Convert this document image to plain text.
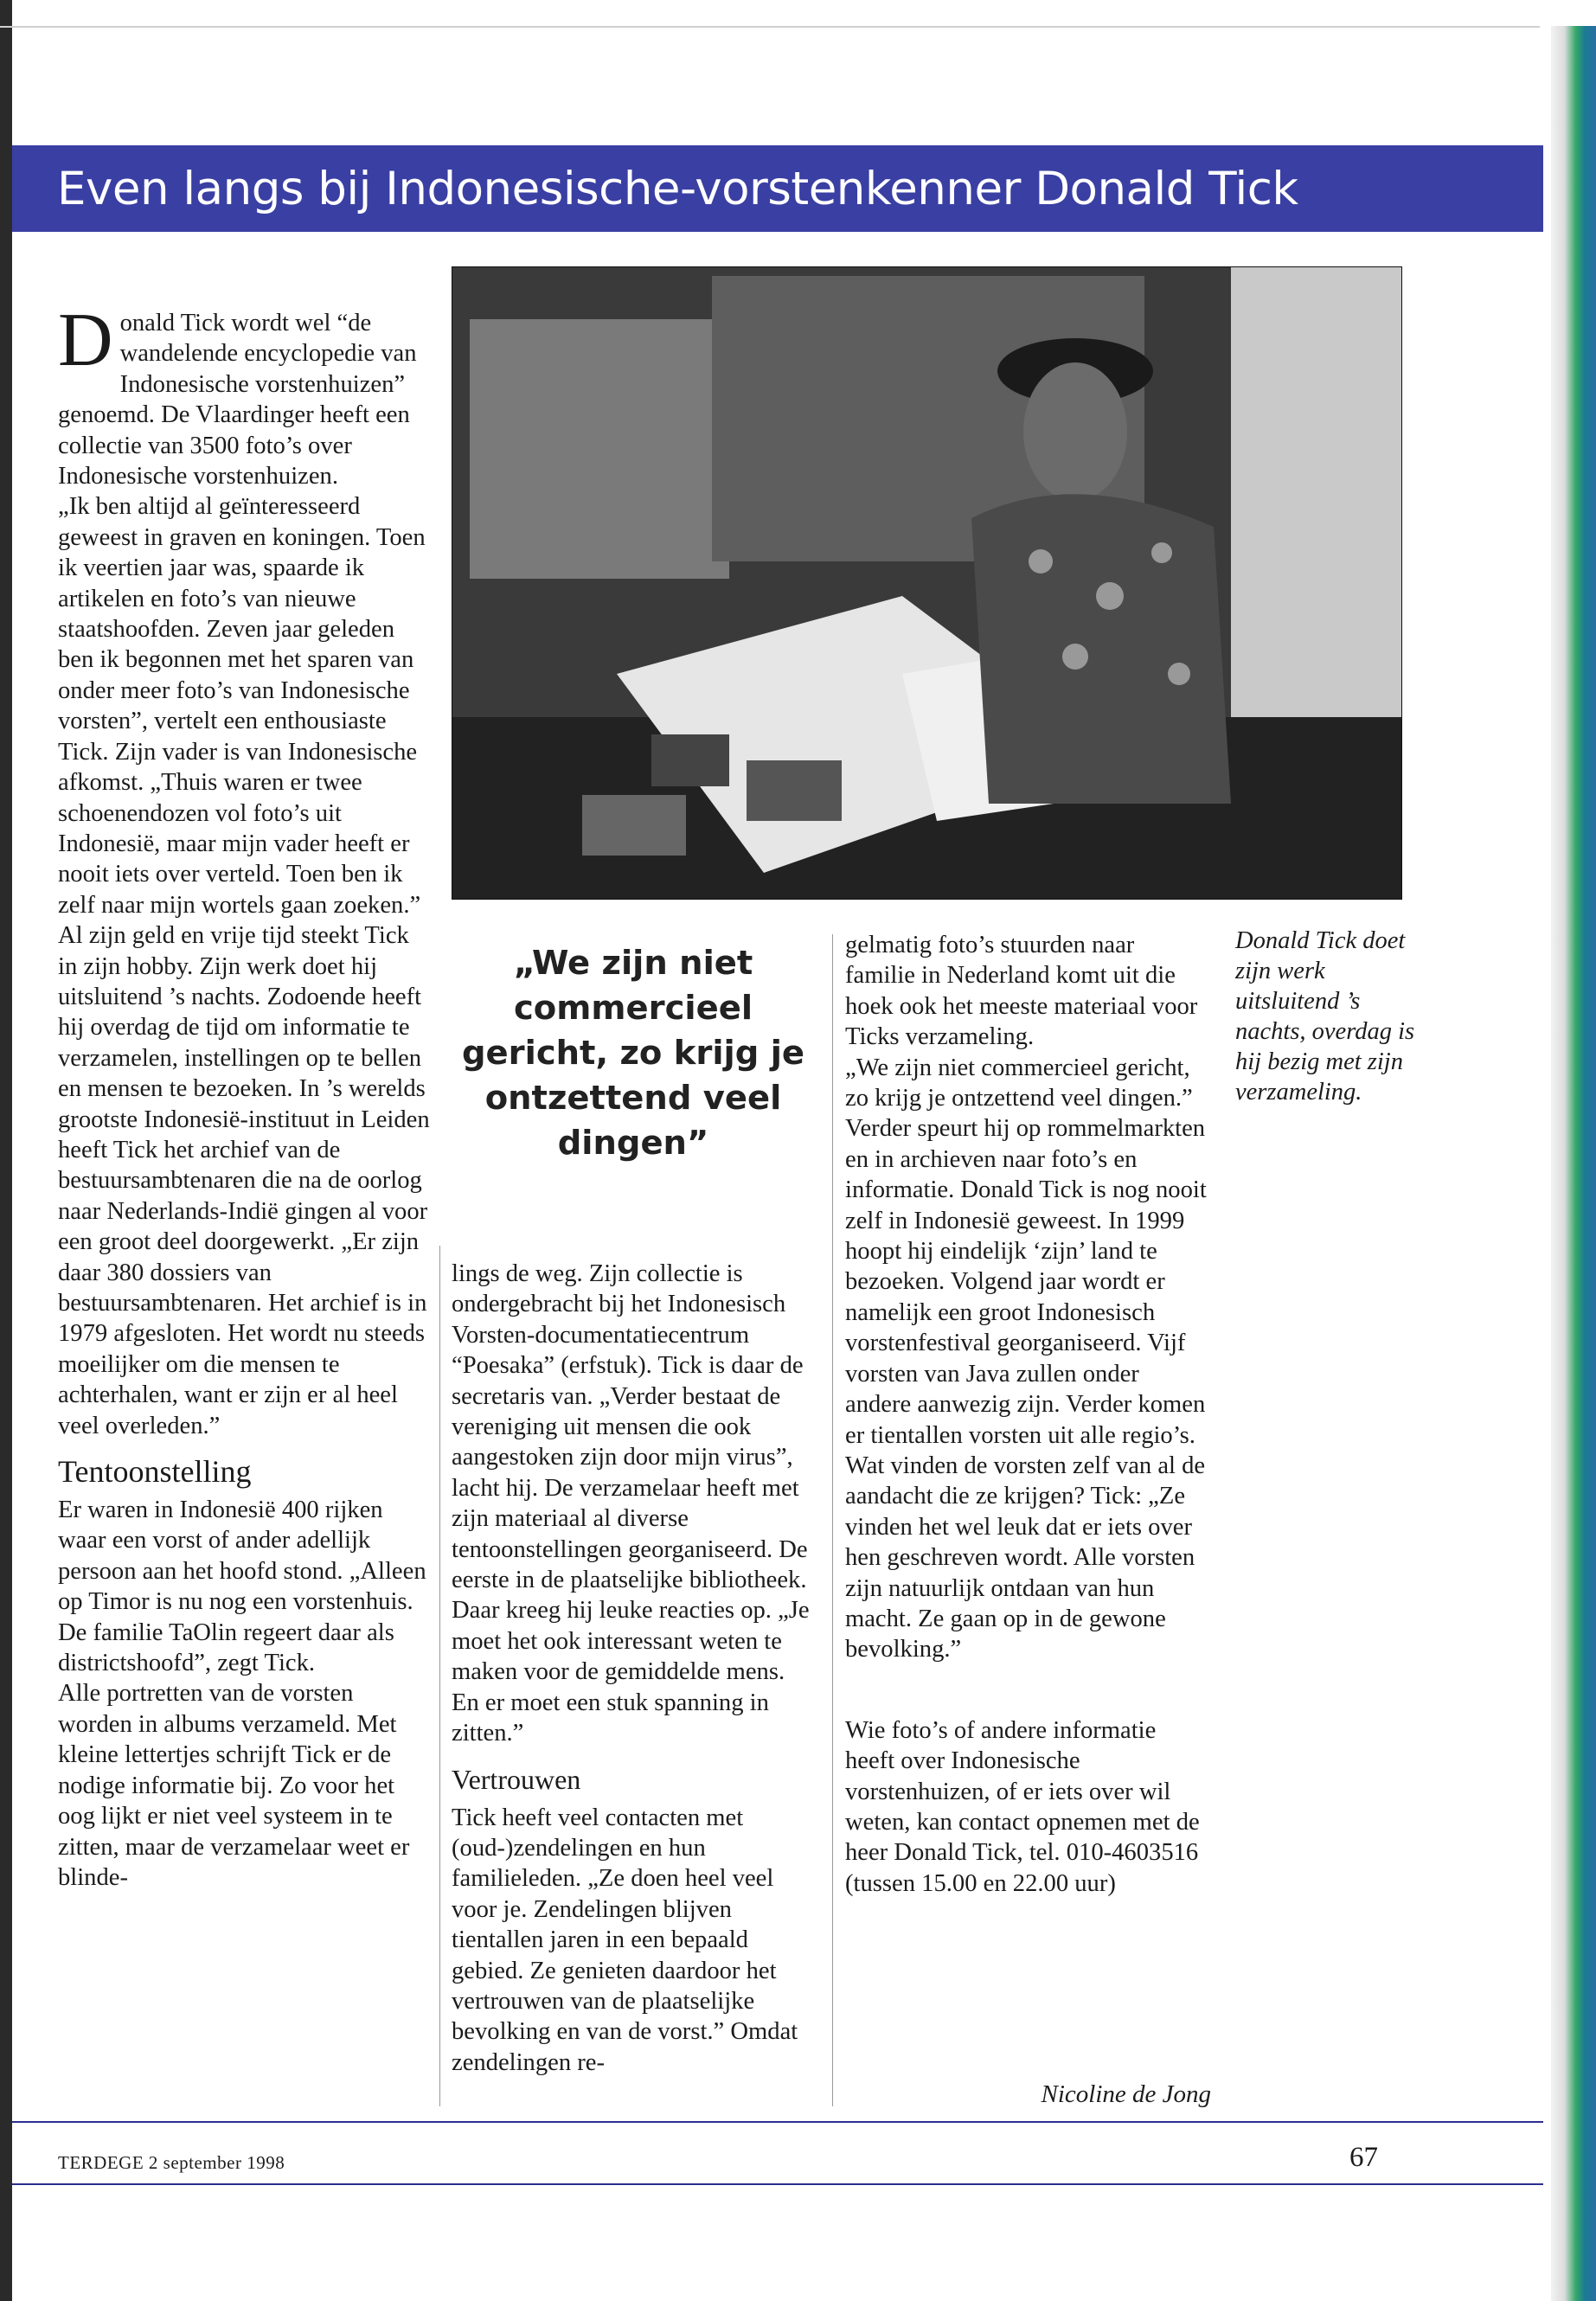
Even langs bij Indonesische-vorstenkenner Donald Tick

Donald Tick wordt wel “de wandelende encyclopedie van Indonesische vorstenhuizen” genoemd. De Vlaardinger heeft een collectie van 3500 foto’s over Indonesische vorstenhuizen.

„Ik ben altijd al geïnteresseerd geweest in graven en koningen. Toen ik veertien jaar was, spaarde ik artikelen en foto’s van nieuwe staatshoofden. Zeven jaar geleden ben ik begonnen met het sparen van onder meer foto’s van Indonesische vorsten”, vertelt een enthousiaste Tick. Zijn vader is van Indonesische afkomst. „Thuis waren er twee schoenendozen vol foto’s uit Indonesië, maar mijn vader heeft er nooit iets over verteld. Toen ben ik zelf naar mijn wortels gaan zoeken.”

Al zijn geld en vrije tijd steekt Tick in zijn hobby. Zijn werk doet hij uitsluitend ’s nachts. Zodoende heeft hij overdag de tijd om informatie te verzamelen, instellingen op te bellen en mensen te bezoeken. In ’s werelds grootste Indonesië-instituut in Leiden heeft Tick het archief van de bestuursambtenaren die na de oorlog naar Nederlands-Indië gingen al voor een groot deel doorgewerkt. „Er zijn daar 380 dossiers van bestuursambtenaren. Het archief is in 1979 afgesloten. Het wordt nu steeds moeilijker om die mensen te achterhalen, want er zijn er al heel veel overleden.”

Tentoonstelling

Er waren in Indonesië 400 rijken waar een vorst of ander adellijk persoon aan het hoofd stond. „Alleen op Timor is nu nog een vorstenhuis. De familie TaOlin regeert daar als districtshoofd”, zegt Tick.

Alle portretten van de vorsten worden in albums verzameld. Met kleine lettertjes schrijft Tick er de nodige informatie bij. Zo voor het oog lijkt er niet veel systeem in te zitten, maar de verzamelaar weet er blinde-

„We zijn niet commercieel gericht, zo krijg je ontzettend veel dingen”

lings de weg. Zijn collectie is ondergebracht bij het Indonesisch Vorsten-documentatiecentrum “Poesaka” (erfstuk). Tick is daar de secretaris van. „Verder bestaat de vereniging uit mensen die ook aangestoken zijn door mijn virus”, lacht hij. De verzamelaar heeft met zijn materiaal al diverse tentoonstellingen georganiseerd. De eerste in de plaatselijke bibliotheek. Daar kreeg hij leuke reacties op. „Je moet het ook interessant weten te maken voor de gemiddelde mens. En er moet een stuk spanning in zitten.”

Vertrouwen

Tick heeft veel contacten met (oud-)zendelingen en hun familieleden. „Ze doen heel veel voor je. Zendelingen blijven tientallen jaren in een bepaald gebied. Ze genieten daardoor het vertrouwen van de plaatselijke bevolking en van de vorst.” Omdat zendelingen re-

gelmatig foto’s stuurden naar familie in Nederland komt uit die hoek ook het meeste materiaal voor Ticks verzameling.

„We zijn niet commercieel gericht, zo krijg je ontzettend veel dingen.” Verder speurt hij op rommelmarkten en in archieven naar foto’s en informatie. Donald Tick is nog nooit zelf in Indonesië geweest. In 1999 hoopt hij eindelijk ‘zijn’ land te bezoeken. Volgend jaar wordt er namelijk een groot Indonesisch vorstenfestival georganiseerd. Vijf vorsten van Java zullen onder andere aanwezig zijn. Verder komen er tientallen vorsten uit alle regio’s.

Wat vinden de vorsten zelf van al de aandacht die ze krijgen? Tick: „Ze vinden het wel leuk dat er iets over hen geschreven wordt. Alle vorsten zijn natuurlijk ontdaan van hun macht. Ze gaan op in de gewone bevolking.”

Wie foto’s of andere informatie heeft over Indonesische vorstenhuizen, of er iets over wil weten, kan contact opnemen met de heer Donald Tick, tel. 010-4603516 (tussen 15.00 en 22.00 uur)

Donald Tick doet zijn werk uitsluitend ’s nachts, overdag is hij bezig met zijn verzameling.
Nicoline de Jong
TERDEGE 2 september 1998	67
